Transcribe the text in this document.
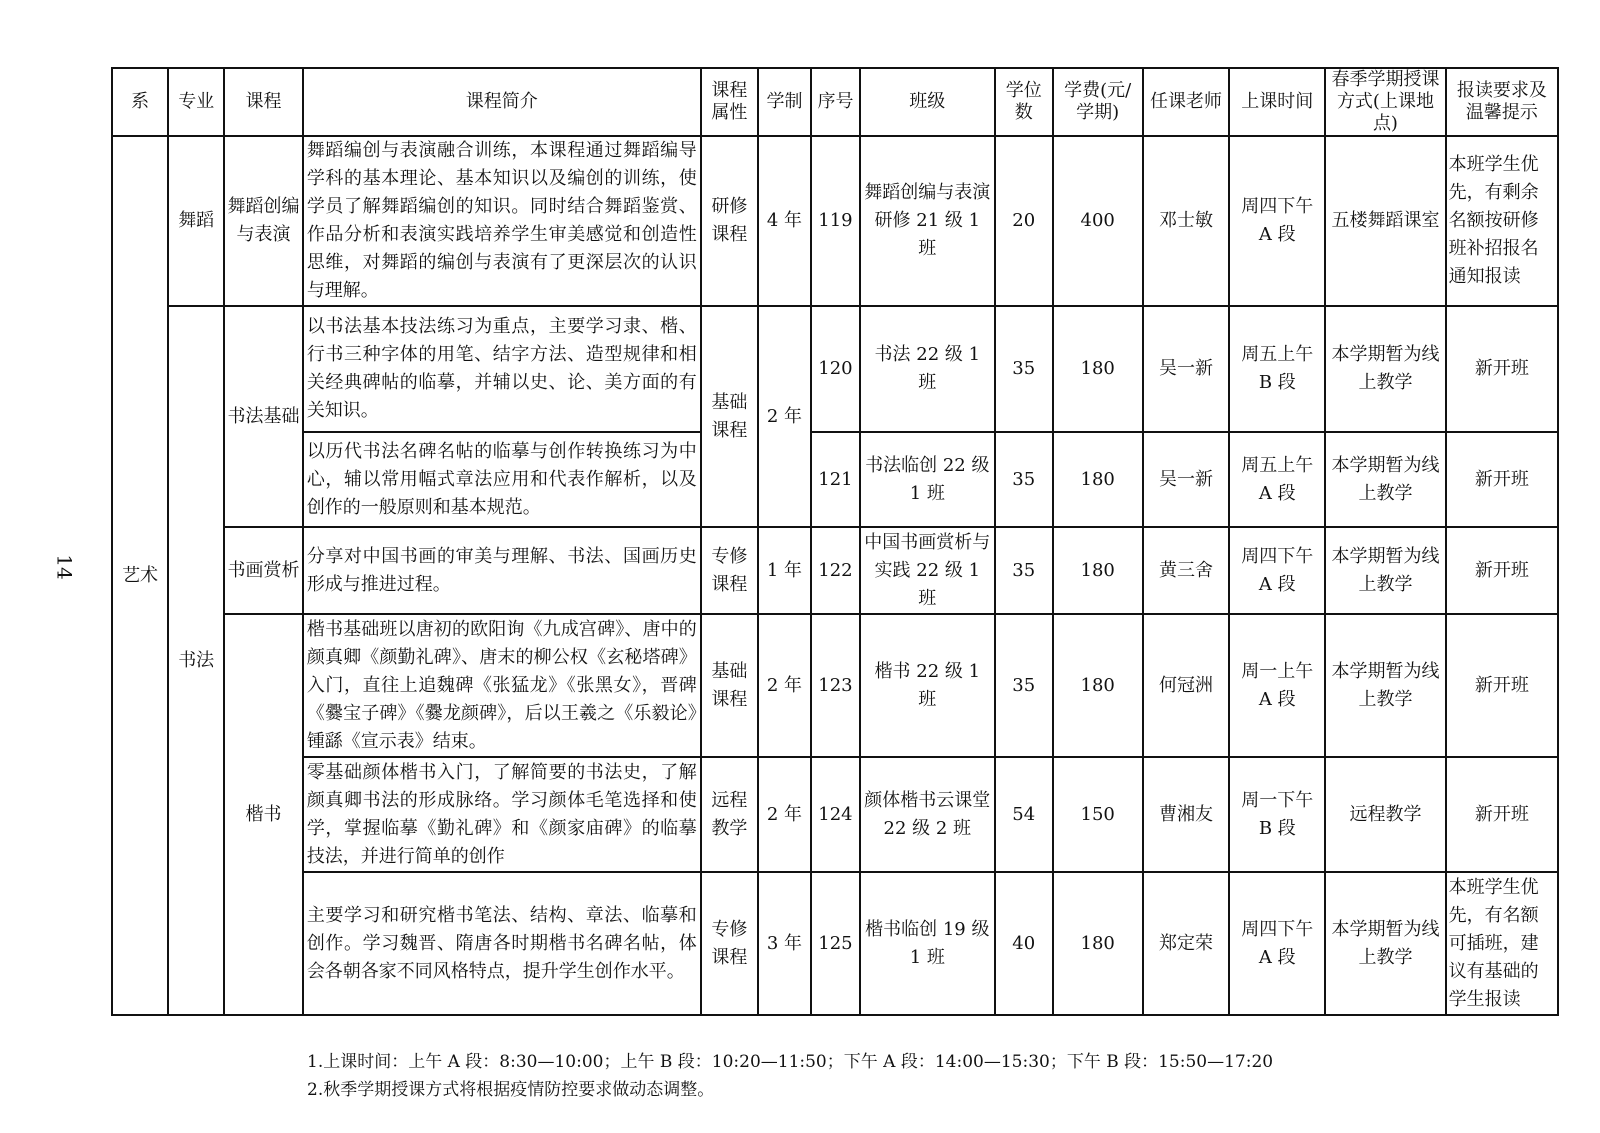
14
系	专业	课程	课程简介	课程属性	学制	序号	班级	学位数	学费(元/学期)	任课老师	上课时间	春季学期授课方式(上课地点)	报读要求及温馨提示
艺术	舞蹈	舞蹈创编与表演	舞蹈编创与表演融合训练，本课程通过舞蹈编导学科的基本理论、基本知识以及编创的训练，使学员了解舞蹈编创的知识。同时结合舞蹈鉴赏、作品分析和表演实践培养学生审美感觉和创造性思维，对舞蹈的编创与表演有了更深层次的认识与理解。	研修课程	4 年	119	舞蹈创编与表演研修 21 级 1 班	20	400	邓士敏	周四下午 A 段	五楼舞蹈课室	本班学生优先，有剩余名额按研修班补招报名通知报读
	书法	书法基础	以书法基本技法练习为重点，主要学习隶、楷、行书三种字体的用笔、结字方法、造型规律和相关经典碑帖的临摹，并辅以史、论、美方面的有关知识。	基础课程	2 年	120	书法 22 级 1 班	35	180	吴一新	周五上午 B 段	本学期暂为线上教学	新开班
			以历代书法名碑名帖的临摹与创作转换练习为中心，辅以常用幅式章法应用和代表作解析，以及创作的一般原则和基本规范。			121	书法临创 22 级 1 班	35	180	吴一新	周五上午 A 段	本学期暂为线上教学	新开班
		书画赏析	分享对中国书画的审美与理解、书法、国画历史形成与推进过程。	专修课程	1 年	122	中国书画赏析与实践 22 级 1 班	35	180	黄三舍	周四下午 A 段	本学期暂为线上教学	新开班
		楷书	楷书基础班以唐初的欧阳询《九成宫碑》、唐中的颜真卿《颜勤礼碑》、唐末的柳公权《玄秘塔碑》入门，直往上追魏碑《张猛龙》《张黑女》，晋碑《爨宝子碑》《爨龙颜碑》，后以王羲之《乐毅论》锺繇《宣示表》结束。	基础课程	2 年	123	楷书 22 级 1 班	35	180	何冠洲	周一上午 A 段	本学期暂为线上教学	新开班
			零基础颜体楷书入门，了解简要的书法史，了解颜真卿书法的形成脉络。学习颜体毛笔选择和使学，掌握临摹《勤礼碑》和《颜家庙碑》的临摹技法，并进行简单的创作	远程教学	2 年	124	颜体楷书云课堂 22 级 2 班	54	150	曹湘友	周一下午 B 段	远程教学	新开班
			主要学习和研究楷书笔法、结构、章法、临摹和创作。学习魏晋、隋唐各时期楷书名碑名帖，体会各朝各家不同风格特点，提升学生创作水平。	专修课程	3 年	125	楷书临创 19 级 1 班	40	180	郑定荣	周四下午 A 段	本学期暂为线上教学	本班学生优先，有名额可插班，建议有基础的学生报读
1.上课时间：上午 A 段：8:30—10:00；上午 B 段：10:20—11:50；下午 A 段：14:00—15:30；下午 B 段：15:50—17:20
2.秋季学期授课方式将根据疫情防控要求做动态调整。
